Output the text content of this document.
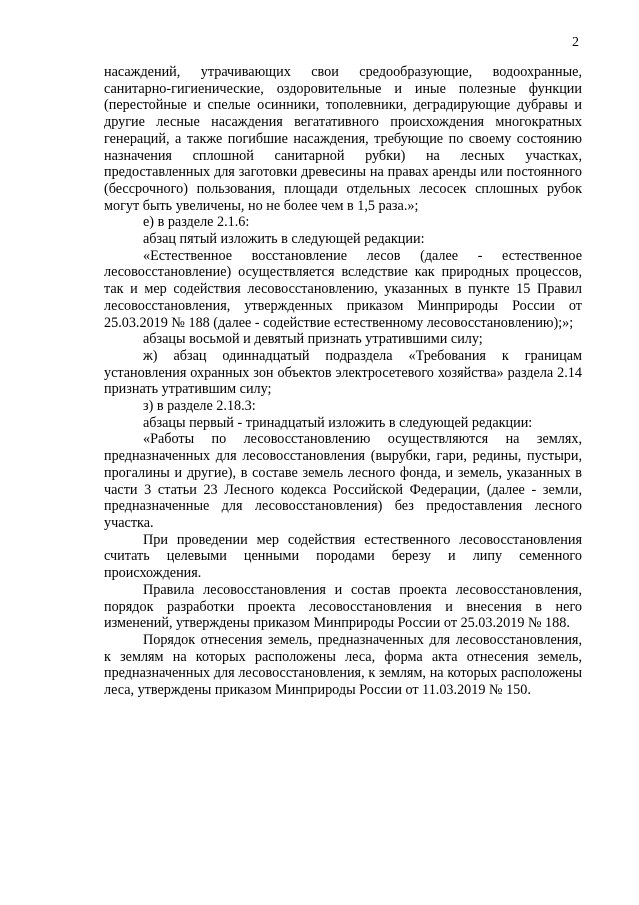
2

насаждений, утрачивающих свои средообразующие, водоохранные, санитарно-гигиенические, оздоровительные и иные полезные функции (перестойные и спелые осинники, тополевники, деградирующие дубравы и другие лесные насаждения вегатативного происхождения многократных генераций, а также погибшие насаждения, требующие по своему состоянию назначения сплошной санитарной рубки) на лесных участках, предоставленных для заготовки древесины на правах аренды или постоянного (бессрочного) пользования, площади отдельных лесосек сплошных рубок могут быть увеличены, но не более чем в 1,5 раза.»;

е) в разделе 2.1.6:

абзац пятый изложить в следующей редакции:

«Естественное восстановление лесов (далее - естественное лесовосстановление) осуществляется вследствие как природных процессов, так и мер содействия лесовосстановлению, указанных в пункте 15 Правил лесовосстановления, утвержденных приказом Минприроды России от 25.03.2019 № 188 (далее - содействие естественному лесовосстановлению);»;

абзацы восьмой и девятый признать утратившими силу;

ж) абзац одиннадцатый подраздела «Требования к границам установления охранных зон объектов электросетевого хозяйства» раздела 2.14 признать утратившим силу;

з) в разделе 2.18.3:

абзацы первый - тринадцатый изложить в следующей редакции:

«Работы по лесовосстановлению осуществляются на землях, предназначенных для лесовосстановления (вырубки, гари, редины, пустыри, прогалины и другие), в составе земель лесного фонда, и земель, указанных в части 3 статьи 23 Лесного кодекса Российской Федерации, (далее - земли, предназначенные для лесовосстановления) без предоставления лесного участка.

При проведении мер содействия естественного лесовосстановления считать целевыми ценными породами березу и липу семенного происхождения.

Правила лесовосстановления и состав проекта лесовосстановления, порядок разработки проекта лесовосстановления и внесения в него изменений, утверждены приказом Минприроды России от 25.03.2019 № 188.

Порядок отнесения земель, предназначенных для лесовосстановления, к землям на которых расположены леса, форма акта отнесения земель, предназначенных для лесовосстановления, к землям, на которых расположены леса, утверждены приказом Минприроды России от 11.03.2019 № 150.
